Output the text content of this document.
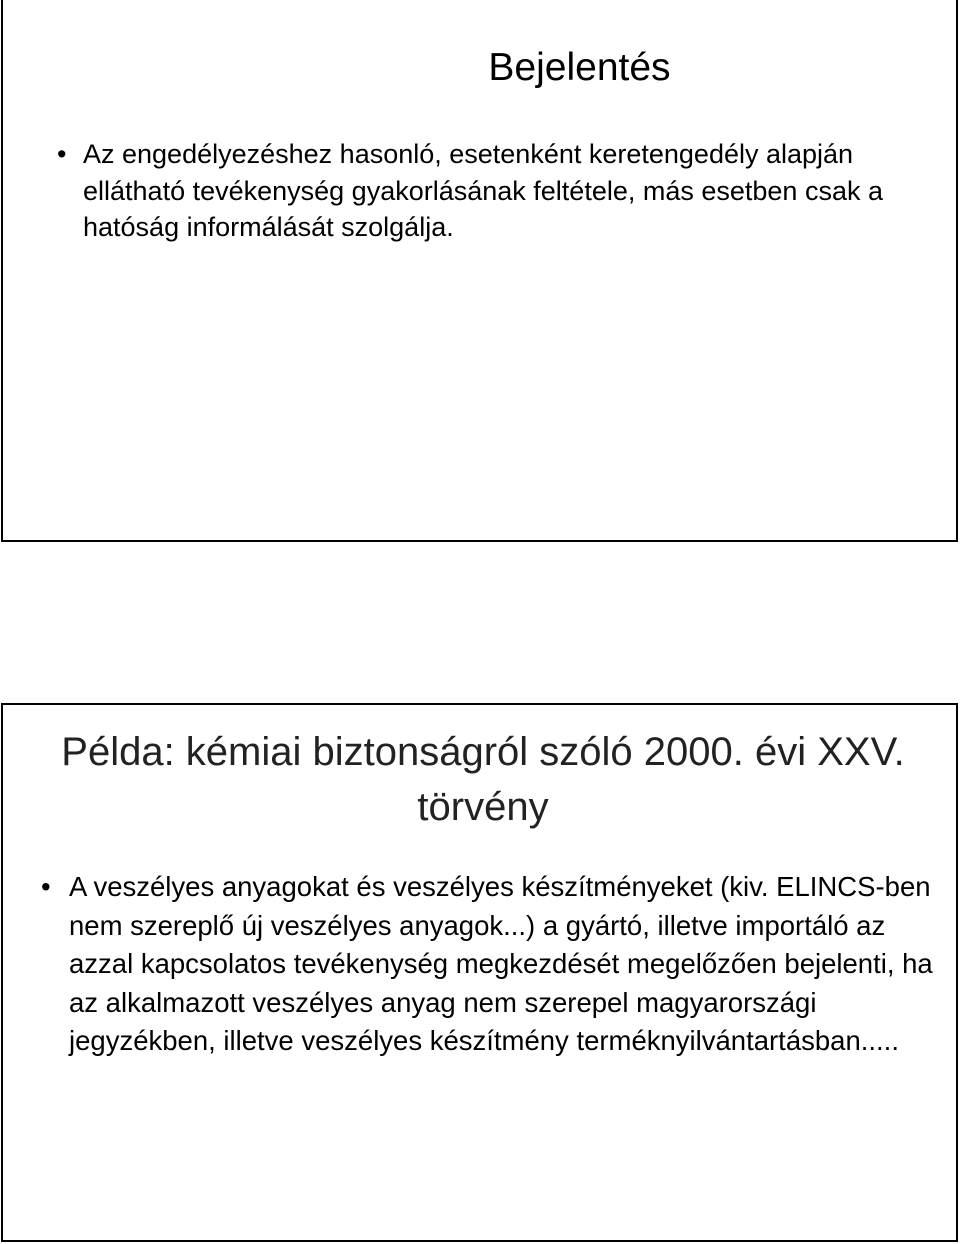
Bejelentés
• Az engedélyezéshez hasonló, esetenként keretengedély alapján ellátható tevékenység gyakorlásának feltétele, más esetben csak a hatóság informálását szolgálja.
Példa: kémiai biztonságról szóló 2000. évi XXV. törvény
• A veszélyes anyagokat és veszélyes készítményeket (kiv. ELINCS-ben nem szereplő új veszélyes anyagok...) a gyártó, illetve importáló az azzal kapcsolatos tevékenység megkezdését megelőzően bejelenti, ha az alkalmazott veszélyes anyag nem szerepel magyarországi jegyzékben, illetve veszélyes készítmény terméknyilvántartásban.....
